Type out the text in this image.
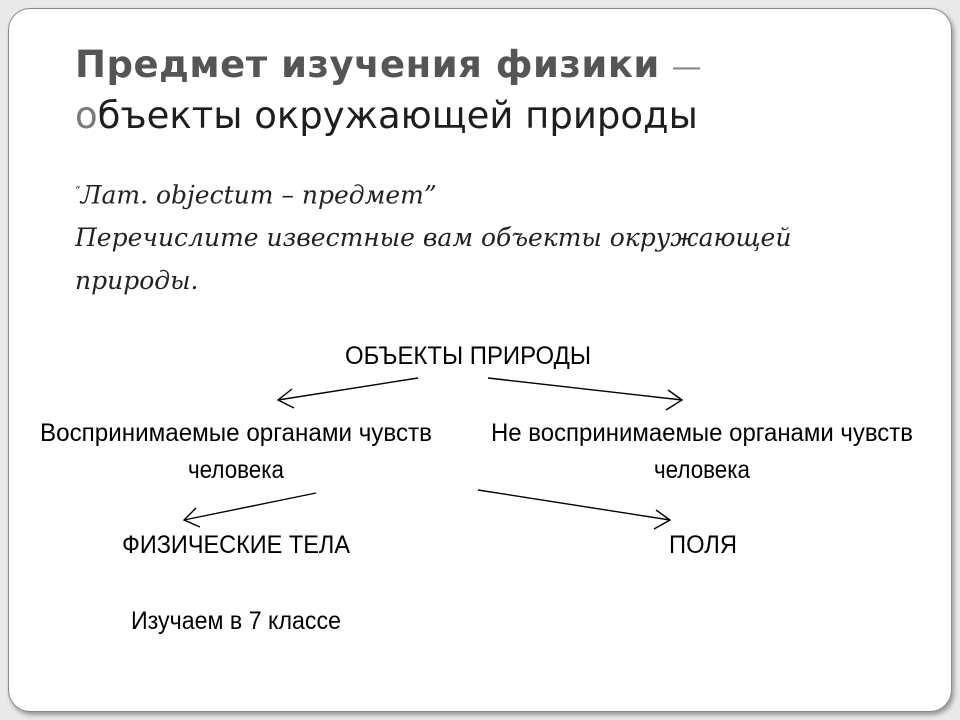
Предмет изучения физики —
объекты окружающей природы
“Лат. objectum – предмет”
Перечислите известные вам объекты окружающей
природы.
ОБЪЕКТЫ ПРИРОДЫ
Воспринимаемые органами чувств
человека
Не воспринимаемые органами чувств
человека
ФИЗИЧЕСКИЕ ТЕЛА	ПОЛЯ
Изучаем в 7 классе
